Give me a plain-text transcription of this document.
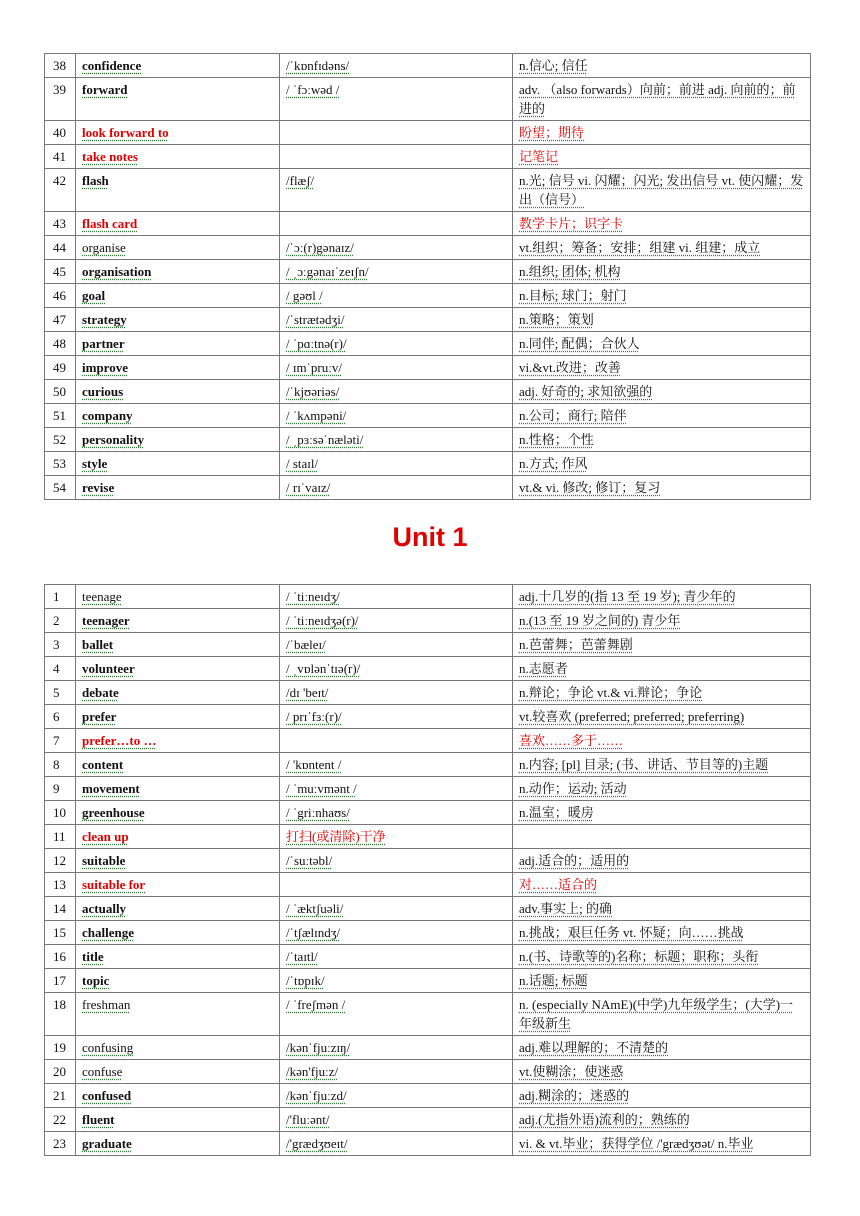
38	confidence	/ˈkɒnfɪdəns/	n.信心; 信任
39	forward	/ ˈfɔːwəd /	adv. （also forwards）向前；前进 adj. 向前的；前进的
40	look forward to		盼望；期待
41	take notes		记笔记
42	flash	/flæʃ/	n.光; 信号 vi. 闪耀；闪光; 发出信号 vt. 使闪耀；发出（信号）
43	flash card		教学卡片；识字卡
44	organise	/ˈɔː(r)gənaɪz/	vt.组织；筹备；安排；组建 vi. 组建；成立
45	organisation	/ ˌɔːgənaɪˈzeɪʃn/	n.组织; 团体; 机构
46	goal	/ gəʊl /	n.目标; 球门；射门
47	strategy	/ˈstrætədʒi/	n.策略；策划
48	partner	/ ˈpɑːtnə(r)/	n.同伴; 配偶；合伙人
49	improve	/ ɪmˈpruːv/	vi.&vt.改进；改善
50	curious	/ˈkjʊəriəs/	adj. 好奇的; 求知欲强的
51	company	/ ˈkʌmpəni/	n.公司；商行; 陪伴
52	personality	/ ˌpɜːsəˈnæləti/	n.性格；个性
53	style	/ staɪl/	n.方式; 作风
54	revise	/ rɪˈvaɪz/	vt.& vi. 修改; 修订；复习
Unit 1
1	teenage	/ ˈtiːneɪdʒ/	adj.十几岁的(指 13 至 19 岁); 青少年的
2	teenager	/ ˈtiːneɪdʒə(r)/	n.(13 至 19 岁之间的) 青少年
3	ballet	/ˈbæleɪ/	n.芭蕾舞；芭蕾舞剧
4	volunteer	/ ˌvɒlənˈtɪə(r)/	n.志愿者
5	debate	/dɪ 'beɪt/	n.辩论；争论 vt.& vi.辩论；争论
6	prefer	/ prɪˈfɜː(r)/	vt.较喜欢 (preferred; preferred; preferring)
7	prefer…to …		喜欢……多于……
8	content	/ 'kɒntent /	n.内容; [pl] 目录; (书、讲话、节目等的)主题
9	movement	/ ˈmuːvmənt /	n.动作；运动; 活动
10	greenhouse	/ ˈgriːnhaʊs/	n.温室；暖房
11	clean up	打扫(或清除)干净	
12	suitable	/ˈsuːtəbl/	adj.适合的；适用的
13	suitable for		对……适合的
14	actually	/ ˈæktʃuəli/	adv.事实上; 的确
15	challenge	/ˈtʃælɪndʒ/	n.挑战；艰巨任务 vt. 怀疑；向……挑战
16	title	/ˈtaɪtl/	n.(书、诗歌等的)名称；标题；职称；头衔
17	topic	/ˈtɒpɪk/	n.话题; 标题
18	freshman	/ ˈfreʃmən /	n. (especially NAmE)(中学)九年级学生；(大学)一年级新生
19	confusing	/kənˈfjuːzɪŋ/	adj.难以理解的；不清楚的
20	confuse	/kən'fjuːz/	vt.使糊涂；使迷惑
21	confused	/kənˈfjuːzd/	adj.糊涂的；迷惑的
22	fluent	/'fluːənt/	adj.(尤指外语)流利的；熟练的
23	graduate	/'grædʒʊeɪt/	vi. & vt.毕业；获得学位 /'grædʒʊət/ n.毕业
